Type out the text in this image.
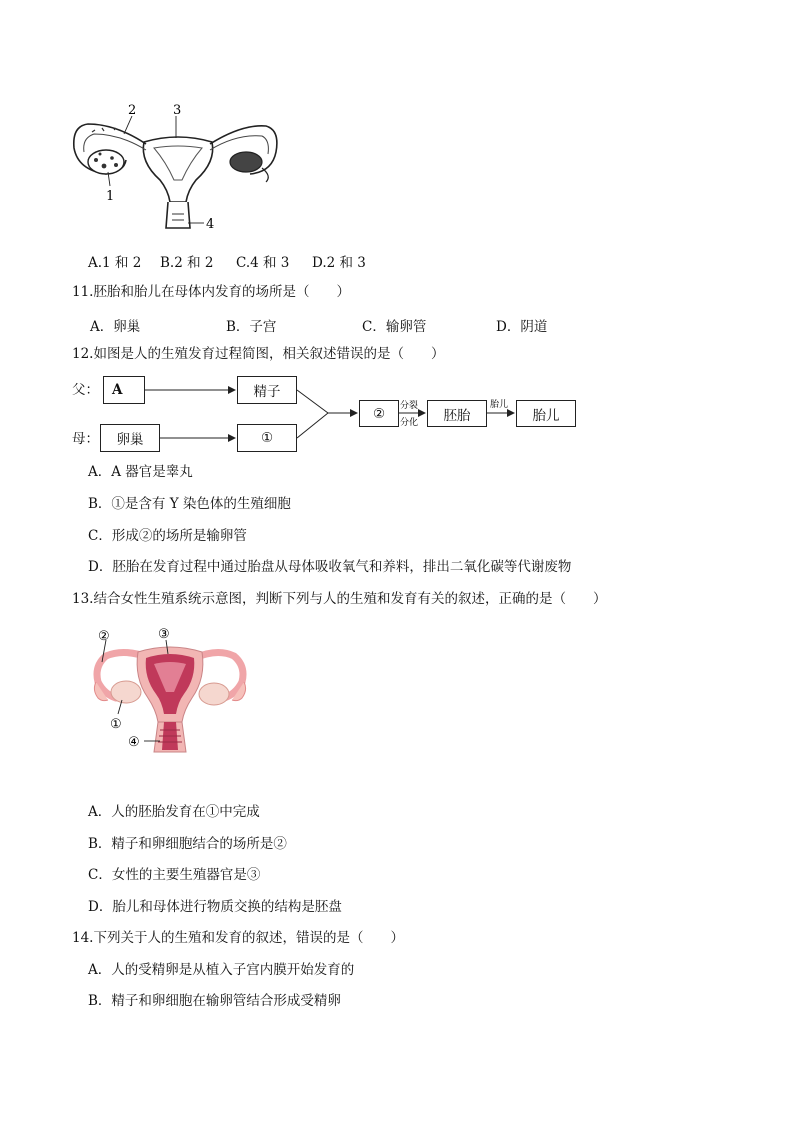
2	3
1
4
A.1 和 2 B.2 和 2 C.4 和 3 D.2 和 3
11.胚胎和胎儿在母体内发育的场所是（　　）
A．卵巢	B．子宫	C．输卵管	D．阴道
12.如图是人的生殖发育过程简图，相关叙述错误的是（　　）
父：
母：
A	精子
卵巢	①
②	胚胎	胎儿
分裂
分化
胎儿
A．A 器官是睾丸
B．①是含有 Y 染色体的生殖细胞
C．形成②的场所是输卵管
D．胚胎在发育过程中通过胎盘从母体吸收氧气和养料，排出二氧化碳等代谢废物
13.结合女性生殖系统示意图，判断下列与人的生殖和发育有关的叙述，正确的是（　　）
②	③
①
④
A．人的胚胎发育在①中完成
B．精子和卵细胞结合的场所是②
C．女性的主要生殖器官是③
D．胎儿和母体进行物质交换的结构是胚盘
14.下列关于人的生殖和发育的叙述，错误的是（　　）
A．人的受精卵是从植入子宫内膜开始发育的
B．精子和卵细胞在输卵管结合形成受精卵
